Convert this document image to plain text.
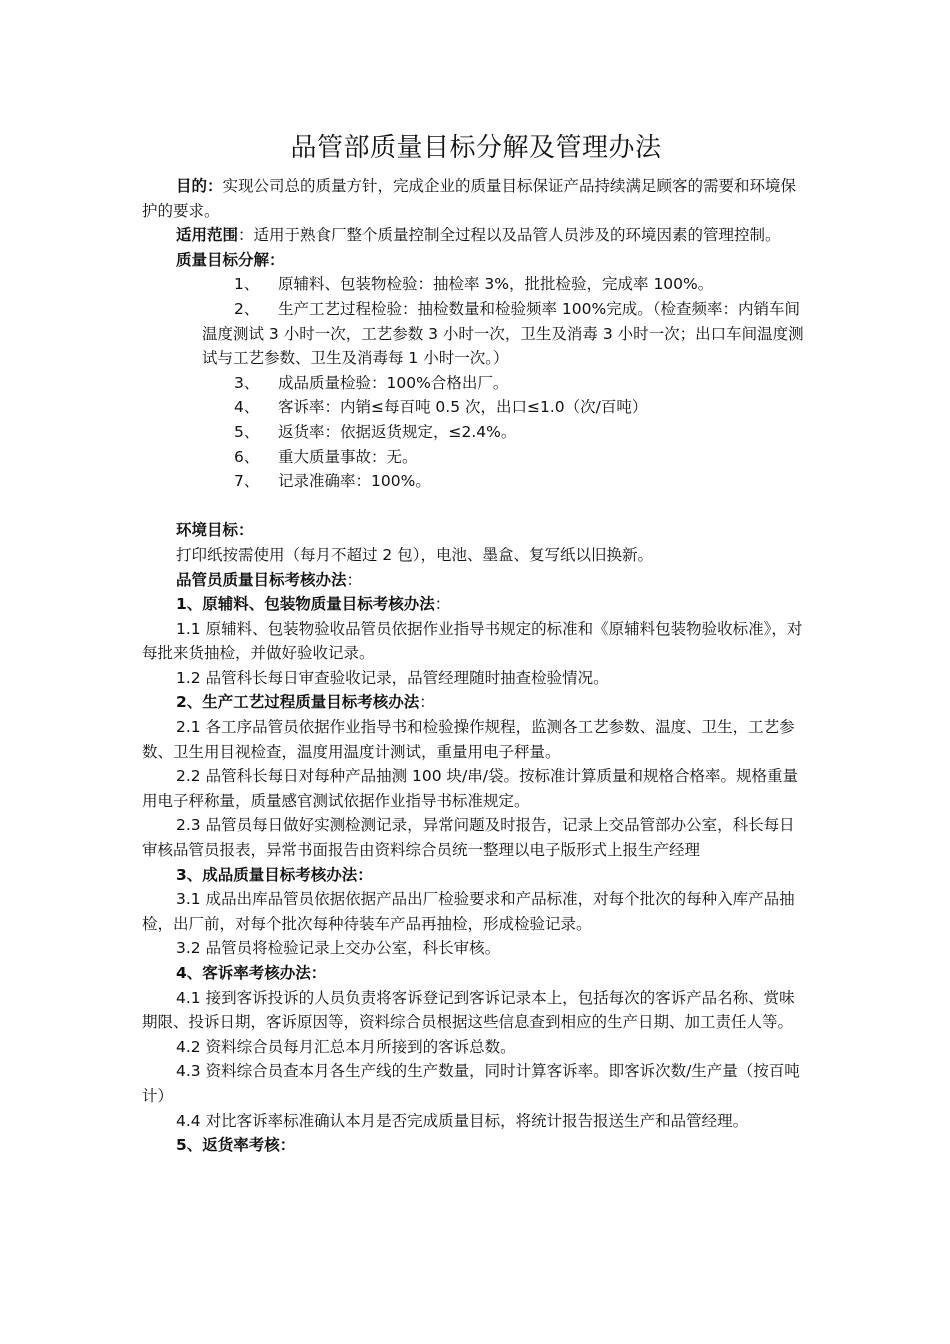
品管部质量目标分解及管理办法

目的：实现公司总的质量方针，完成企业的质量目标保证产品持续满足顾客的需要和环境保护的要求。

适用范围：适用于熟食厂整个质量控制全过程以及品管人员涉及的环境因素的管理控制。

质量目标分解：

1、	原辅料、包装物检验：抽检率 3%，批批检验，完成率 100%。
2、	生产工艺过程检验：抽检数量和检验频率 100%完成。（检查频率：内销车间温度测试 3 小时一次，工艺参数 3 小时一次，卫生及消毒 3 小时一次；出口车间温度测试与工艺参数、卫生及消毒每 1 小时一次。）
3、	成品质量检验：100%合格出厂。
4、	客诉率：内销≤每百吨 0.5 次，出口≤1.0（次/百吨）
5、	返货率：依据返货规定，≤2.4%。
6、	重大质量事故：无。
7、	记录准确率：100%。

环境目标：

打印纸按需使用（每月不超过 2 包），电池、墨盒、复写纸以旧换新。

品管员质量目标考核办法：

1、原辅料、包装物质量目标考核办法：

1.1 原辅料、包装物验收品管员依据作业指导书规定的标准和《原辅料包装物验收标准》，对每批来货抽检，并做好验收记录。

1.2 品管科长每日审查验收记录，品管经理随时抽查检验情况。

2、生产工艺过程质量目标考核办法：

2.1 各工序品管员依据作业指导书和检验操作规程，监测各工艺参数、温度、卫生，工艺参数、卫生用目视检查，温度用温度计测试，重量用电子秤量。

2.2 品管科长每日对每种产品抽测 100 块/串/袋。按标准计算质量和规格合格率。规格重量用电子秤称量，质量感官测试依据作业指导书标准规定。

2.3 品管员每日做好实测检测记录，异常问题及时报告，记录上交品管部办公室，科长每日审核品管员报表，异常书面报告由资料综合员统一整理以电子版形式上报生产经理

3、成品质量目标考核办法：

3.1 成品出库品管员依据依据产品出厂检验要求和产品标准，对每个批次的每种入库产品抽检，出厂前，对每个批次每种待装车产品再抽检，形成检验记录。

3.2 品管员将检验记录上交办公室，科长审核。

4、客诉率考核办法：

4.1 接到客诉投诉的人员负责将客诉登记到客诉记录本上，包括每次的客诉产品名称、赏味期限、投诉日期，客诉原因等，资料综合员根据这些信息查到相应的生产日期、加工责任人等。

4.2 资料综合员每月汇总本月所接到的客诉总数。

4.3 资料综合员查本月各生产线的生产数量，同时计算客诉率。即客诉次数/生产量（按百吨计）

4.4 对比客诉率标准确认本月是否完成质量目标，将统计报告报送生产和品管经理。

5、返货率考核：
